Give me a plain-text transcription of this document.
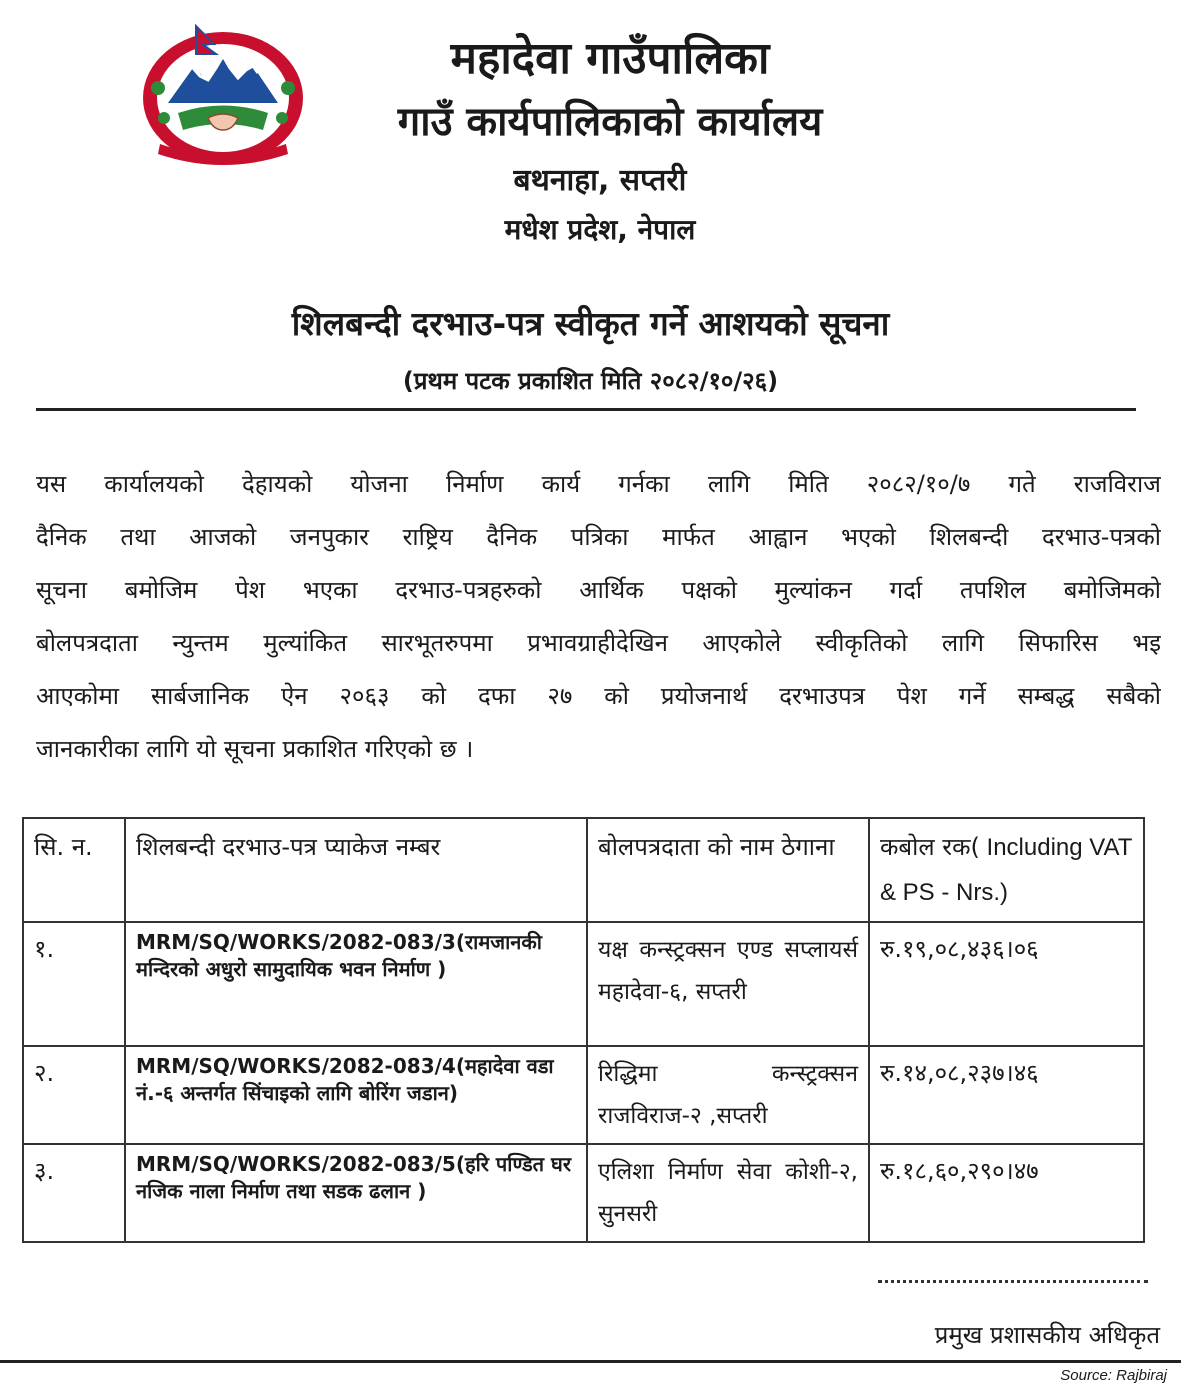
महादेवा गाउँपालिका
गाउँ कार्यपालिकाको कार्यालय
बथनाहा, सप्तरी
मधेश प्रदेश, नेपाल
शिलबन्दी दरभाउ-पत्र स्वीकृत गर्ने आशयको सूचना
(प्रथम पटक प्रकाशित मिति २०८२/१०/२६)
यस कार्यालयको देहायको योजना निर्माण कार्य गर्नका लागि मिति २०८२/१०/७ गते राजविराज
दैनिक तथा आजको जनपुकार राष्ट्रिय दैनिक पत्रिका मार्फत आह्वान भएको शिलबन्दी दरभाउ-पत्रको
सूचना बमोजिम पेश भएका दरभाउ-पत्रहरुको आर्थिक पक्षको मुल्यांकन गर्दा तपशिल बमोजिमको
बोलपत्रदाता न्युन्तम मुल्यांकित सारभूतरुपमा प्रभावग्राहीदेखिन आएकोले स्वीकृतिको लागि सिफारिस भइ
आएकोमा सार्बजानिक ऐन २०६३ को दफा २७ को प्रयोजनार्थ दरभाउपत्र पेश गर्ने सम्बद्ध सबैको
जानकारीका लागि यो सूचना प्रकाशित गरिएको छ ।
सि. न.	शिलबन्दी दरभाउ-पत्र प्याकेज नम्बर	बोलपत्रदाता को नाम ठेगाना	कबोल रक( Including VAT & PS - Nrs.)
१.	MRM/SQ/WORKS/2082-083/3(रामजानकी मन्दिरको अधुरो सामुदायिक भवन निर्माण )	यक्ष कन्स्ट्रक्सन एण्ड सप्लायर्स महादेवा-६, सप्तरी	रु.१९,०८,४३६।०६
२.	MRM/SQ/WORKS/2082-083/4(महादेवा वडा नं.-६ अन्तर्गत सिंचाइको लागि बोरिंग जडान)	रिद्धिमा कन्स्ट्रक्सन राजविराज-२ ,सप्तरी	रु.१४,०८,२३७।४६
३.	MRM/SQ/WORKS/2082-083/5(हरि पण्डित घर नजिक नाला निर्माण तथा सडक ढलान )	एलिशा निर्माण सेवा कोशी-२, सुनसरी	रु.१८,६०,२९०।४७
प्रमुख प्रशासकीय अधिकृत
Source: Rajbiraj
